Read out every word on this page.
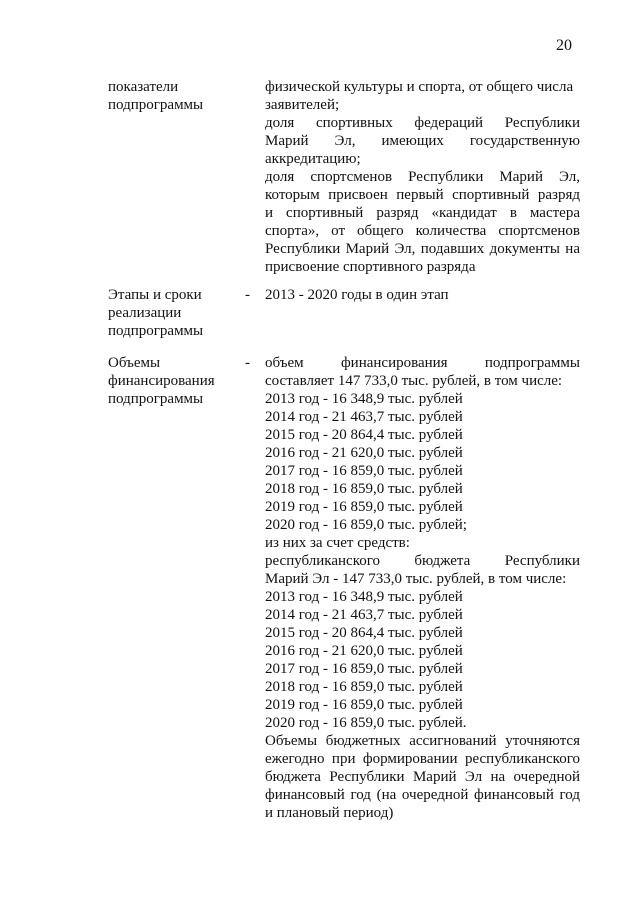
20
показатели
подпрограммы
физической культуры и спорта, от общего числа
заявителей;
доля спортивных федераций Республики
Марий Эл, имеющих государственную
аккредитацию;
доля спортсменов Республики Марий Эл,
которым присвоен первый спортивный разряд
и спортивный разряд «кандидат в мастера
спорта», от общего количества спортсменов
Республики Марий Эл, подавших документы на
присвоение спортивного разряда
Этапы и сроки
реализации
подпрограммы
- 2013 - 2020 годы в один этап
Объемы
финансирования
подпрограммы
- объем финансирования подпрограммы
составляет 147 733,0 тыс. рублей, в том числе:
2013 год - 16 348,9 тыс. рублей
2014 год - 21 463,7 тыс. рублей
2015 год - 20 864,4 тыс. рублей
2016 год - 21 620,0 тыс. рублей
2017 год - 16 859,0 тыс. рублей
2018 год - 16 859,0 тыс. рублей
2019 год - 16 859,0 тыс. рублей
2020 год - 16 859,0 тыс. рублей;
из них за счет средств:
республиканского бюджета Республики
Марий Эл - 147 733,0 тыс. рублей, в том числе:
2013 год - 16 348,9 тыс. рублей
2014 год - 21 463,7 тыс. рублей
2015 год - 20 864,4 тыс. рублей
2016 год - 21 620,0 тыс. рублей
2017 год - 16 859,0 тыс. рублей
2018 год - 16 859,0 тыс. рублей
2019 год - 16 859,0 тыс. рублей
2020 год - 16 859,0 тыс. рублей.
Объемы бюджетных ассигнований уточняются
ежегодно при формировании республиканского
бюджета Республики Марий Эл на очередной
финансовый год (на очередной финансовый год
и плановый период)
